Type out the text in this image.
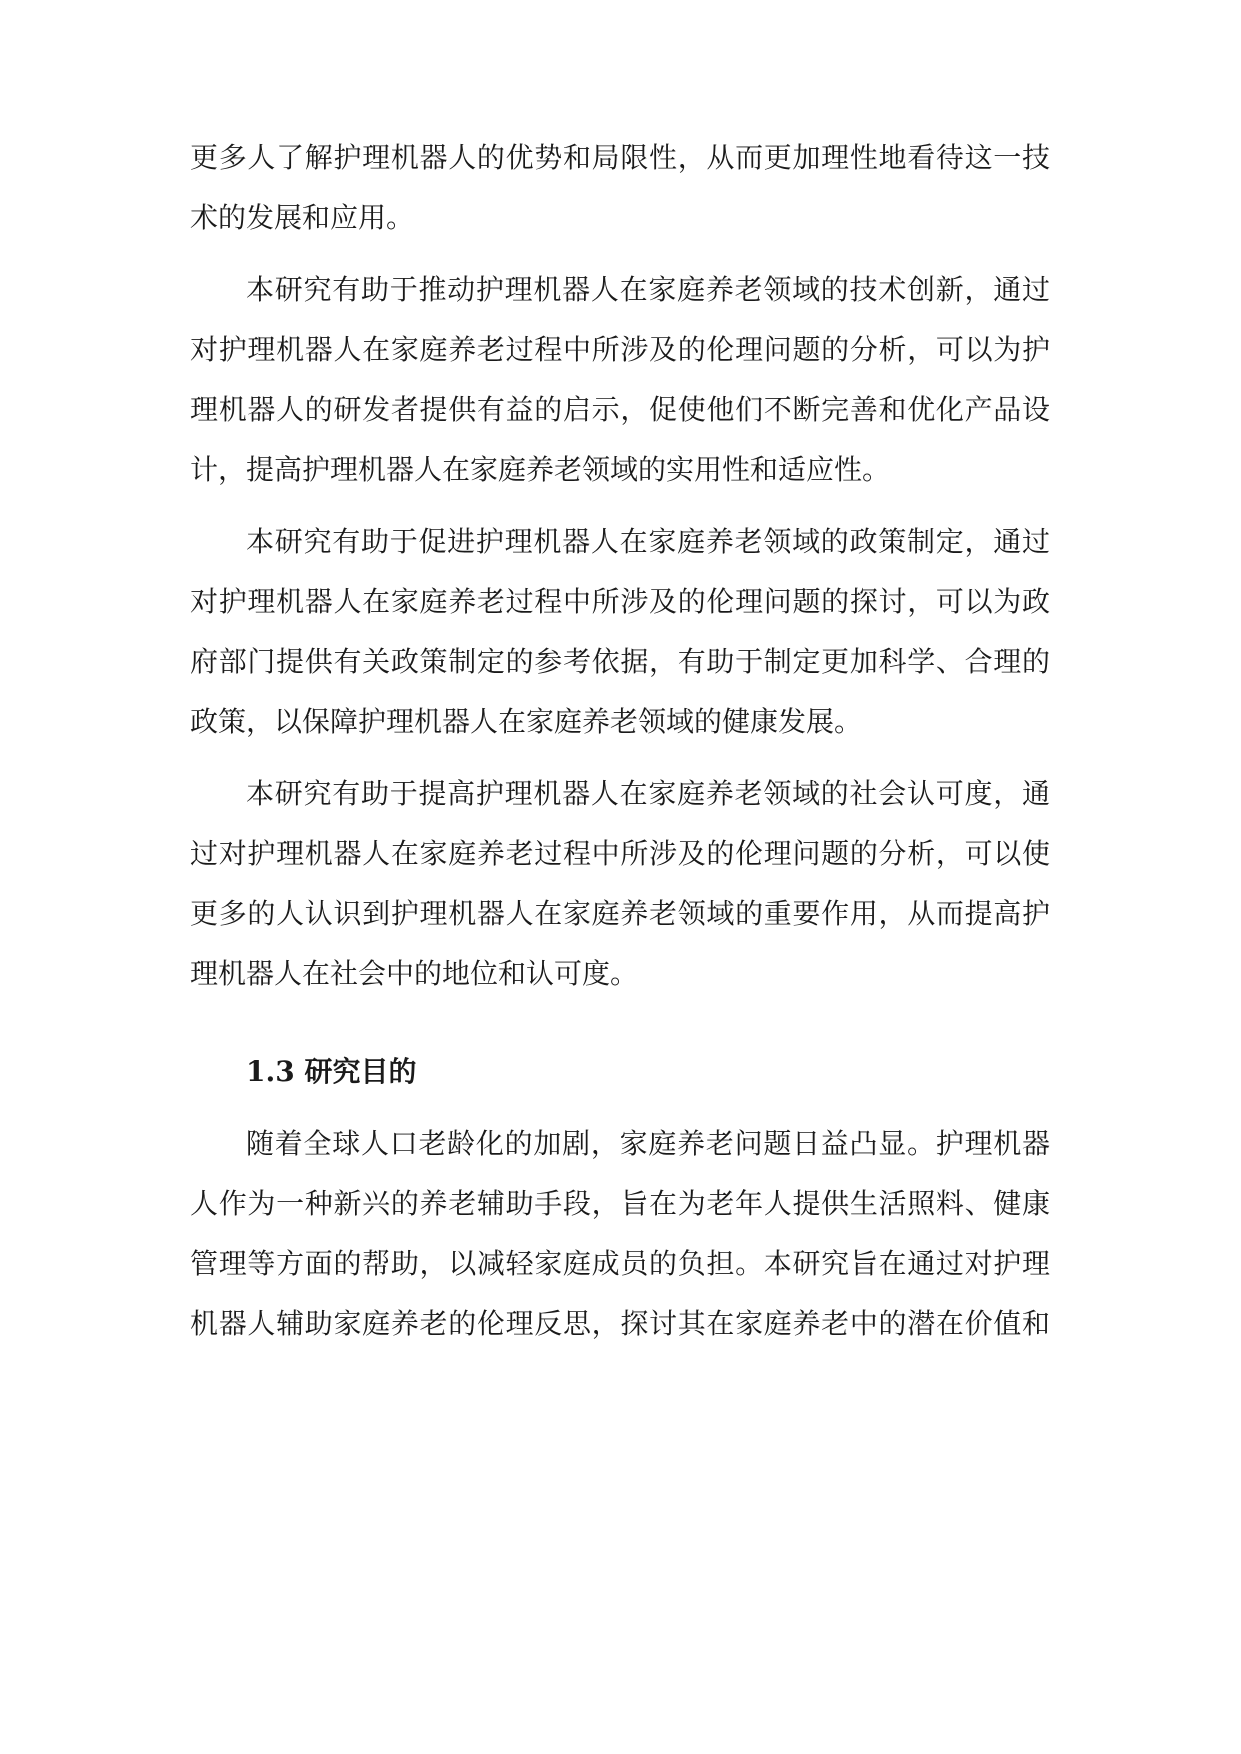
更多人了解护理机器人的优势和局限性，从而更加理性地看待这一技
术的发展和应用。
本研究有助于推动护理机器人在家庭养老领域的技术创新，通过
对护理机器人在家庭养老过程中所涉及的伦理问题的分析，可以为护
理机器人的研发者提供有益的启示，促使他们不断完善和优化产品设
计，提高护理机器人在家庭养老领域的实用性和适应性。
本研究有助于促进护理机器人在家庭养老领域的政策制定，通过
对护理机器人在家庭养老过程中所涉及的伦理问题的探讨，可以为政
府部门提供有关政策制定的参考依据，有助于制定更加科学、合理的
政策，以保障护理机器人在家庭养老领域的健康发展。
本研究有助于提高护理机器人在家庭养老领域的社会认可度，通
过对护理机器人在家庭养老过程中所涉及的伦理问题的分析，可以使
更多的人认识到护理机器人在家庭养老领域的重要作用，从而提高护
理机器人在社会中的地位和认可度。
1.3 研究目的
随着全球人口老龄化的加剧，家庭养老问题日益凸显。护理机器
人作为一种新兴的养老辅助手段，旨在为老年人提供生活照料、健康
管理等方面的帮助，以减轻家庭成员的负担。本研究旨在通过对护理
机器人辅助家庭养老的伦理反思，探讨其在家庭养老中的潜在价值和
